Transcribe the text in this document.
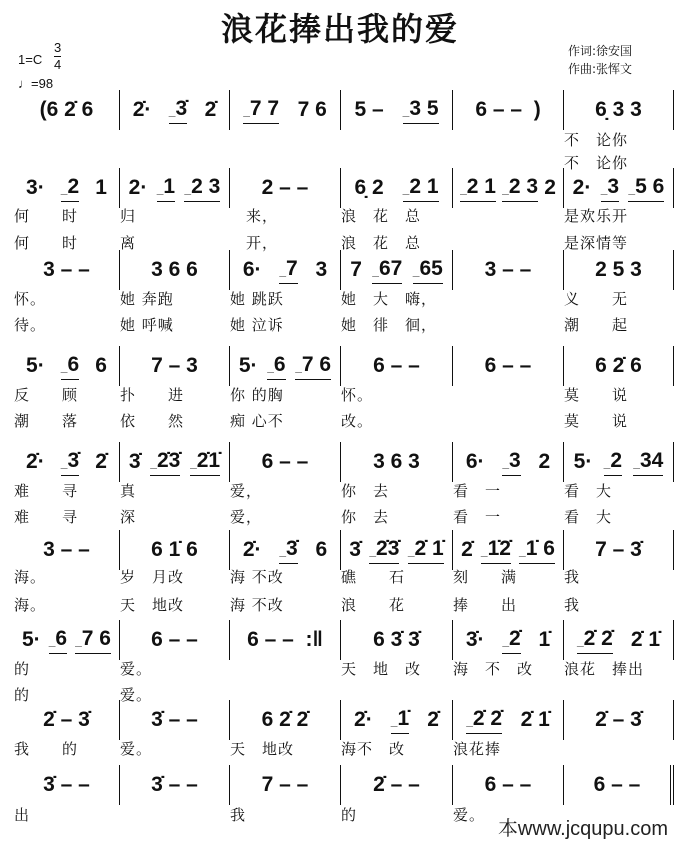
浪花捧出我的爱
1=C
3
4
♩=98
作词:徐安国
作曲:张恽文
(6 2̇ 6 2̇· _3̇ 2̇ _7 7 7 6 5 – _3 5 6 – –  )	6̣ 3 3
不　论你
不　论你
3· _2 1 2· _1 _2 3 2 – – 6̣ 2 _2 1 _2 1 _2 3 2 2· _3 _5 6
何　　时	归　　　	　来，	浪　花　总	是欢乐开
何　　时	离　　　	　开，	浪　花　总	是深情等
3 – –	3 6 6 6· _7 3 7 _67 _65 3 – –	2 5 3
怀。	她 奔跑	她 跳跃	她　大　嗨，	义　　无
待。	她 呼喊	她 泣诉	她　徘　徊，	潮　　起
5· _6 6 7 – 3 5· _6 _7 6 6 – –	6 – –	6 2̇ 6
反　　顾	扑　　进	你 的胸	怀。	莫　　说
潮　　落	依　　然	痴 心不	改。	莫　　说
2̇· _3̇ 2̇ 3̇ _2̇3̇ _2̇1̇ 6 – –	3 6 3 6· _3 2 5· _2 _34
难　　寻	真	爱，	你　去	看　一	看　大
难　　寻	深	爱，	你　去	看　一	看　大
3 – –	6 1̇ 6 2̇· _3̇ 6 3̇ _2̇3̇ _2̇ 1̇ 2̇ _1̇2̇ _1̇ 6 7 – 3̇
海。	岁　月改	海 不改	礁　　石	刻　　满	我
海。	天　地改	海 不改	浪　　花	捧　　出	我
5· _6 _7 6 6 – – 6 – –  :‖ 6 3̇ 3̇ 3̇· _2̇ 1̇ _2̇ 2̇ 2̇ 1̇
的	爱。	天　地　改	海　不　改	浪花　捧出
的	爱。
2̇ – 3̇	3̇ – –	6 2̇ 2̇ 2̇· _1̇ 2̇ _2̇ 2̇ 2̇ 1̇ 2̇ – 3̇
我　　的	爱。	天　地改	海不　改	浪花捧
3̇ – –	3̇ – –	7 – –	2̇ – –	6 – –	6 – –
出	我	的	爱。
本www.jcqupu.com
